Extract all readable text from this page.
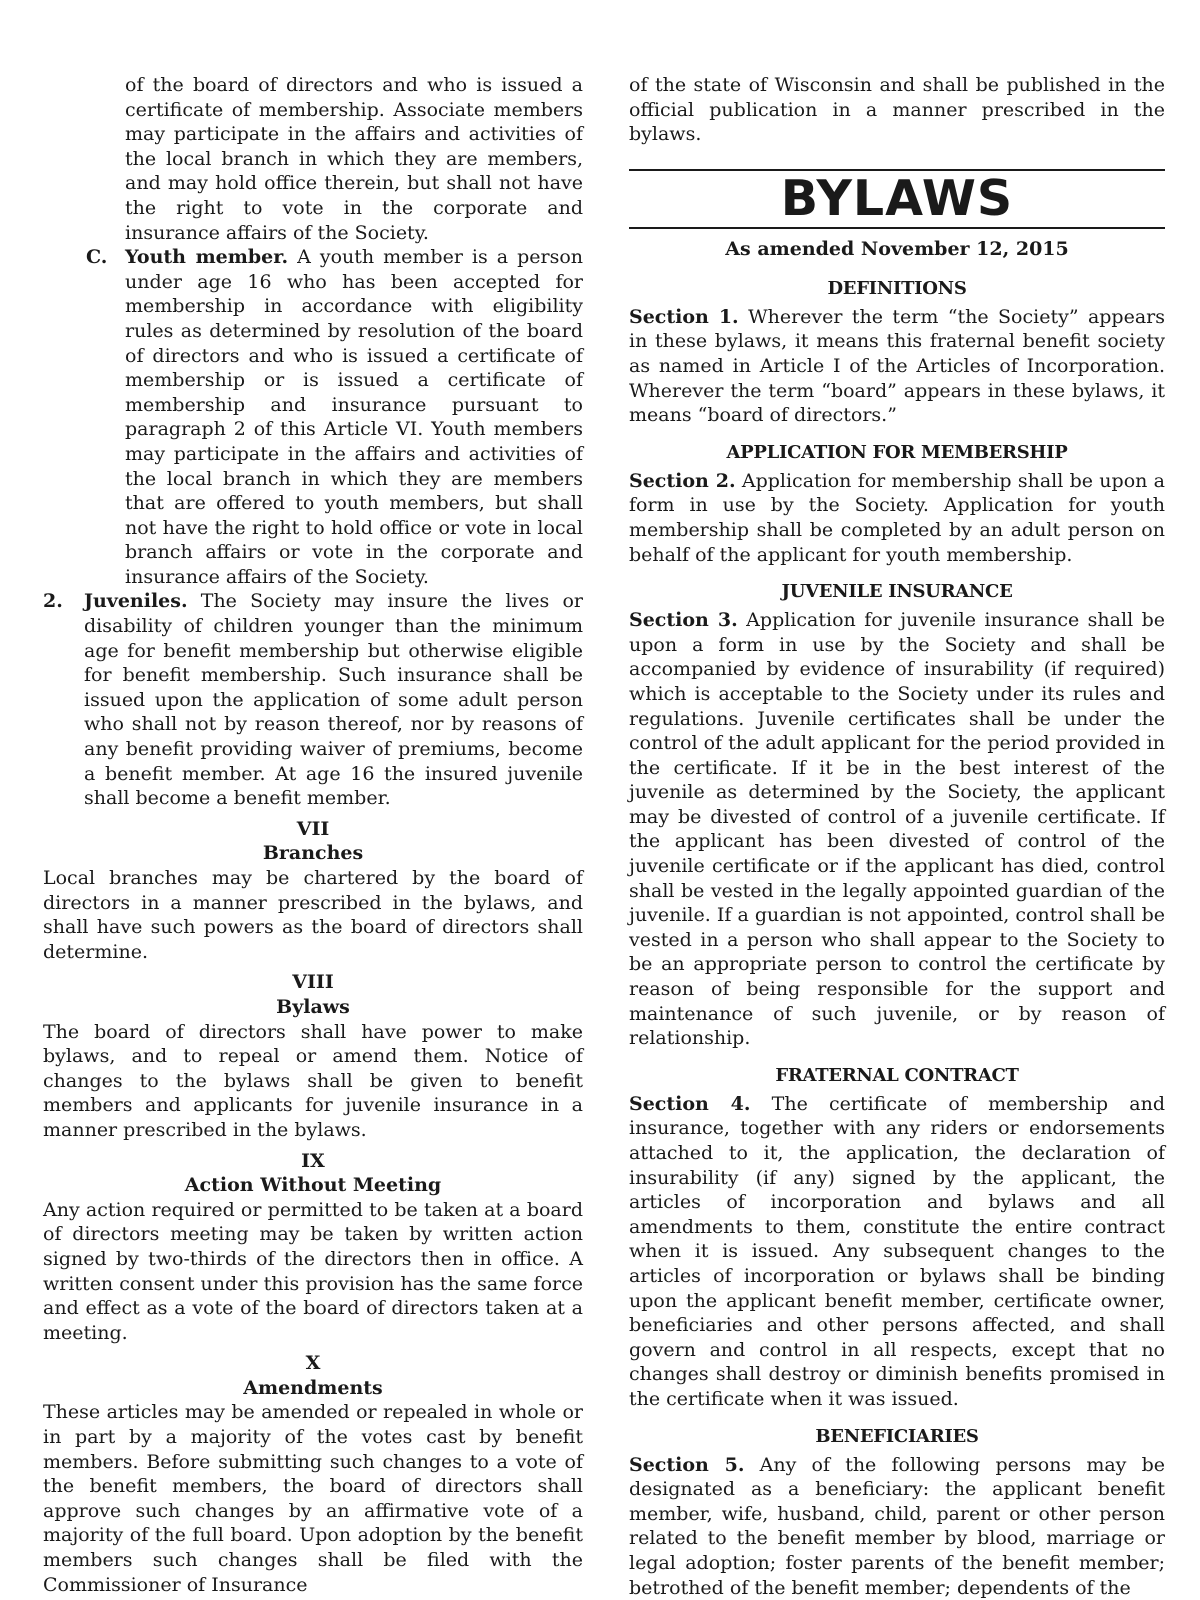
of the board of directors and who is issued a certificate of membership. Associate members may participate in the affairs and activities of the local branch in which they are members, and may hold office therein, but shall not have the right to vote in the corporate and insurance affairs of the Society.

C. Youth member. A youth member is a person under age 16 who has been accepted for membership in accordance with eligibility rules as determined by resolution of the board of directors and who is issued a certificate of membership or is issued a certificate of membership and insurance pursuant to paragraph 2 of this Article VI. Youth members may participate in the affairs and activities of the local branch in which they are members that are offered to youth members, but shall not have the right to hold office or vote in local branch affairs or vote in the corporate and insurance affairs of the Society.

2. Juveniles. The Society may insure the lives or disability of children younger than the minimum age for benefit membership but otherwise eligible for benefit membership. Such insurance shall be issued upon the application of some adult person who shall not by reason thereof, nor by reasons of any benefit providing waiver of premiums, become a benefit member. At age 16 the insured juvenile shall become a benefit member.

VII
Branches

Local branches may be chartered by the board of directors in a manner prescribed in the bylaws, and shall have such powers as the board of directors shall determine.

VIII
Bylaws

The board of directors shall have power to make bylaws, and to repeal or amend them. Notice of changes to the bylaws shall be given to benefit members and applicants for juvenile insurance in a manner prescribed in the bylaws.

IX
Action Without Meeting

Any action required or permitted to be taken at a board of directors meeting may be taken by written action signed by two-thirds of the directors then in office. A written consent under this provision has the same force and effect as a vote of the board of directors taken at a meeting.

X
Amendments

These articles may be amended or repealed in whole or in part by a majority of the votes cast by benefit members. Before submitting such changes to a vote of the benefit members, the board of directors shall approve such changes by an affirmative vote of a majority of the full board. Upon adoption by the benefit members such changes shall be filed with the Commissioner of Insurance

of the state of Wisconsin and shall be published in the official publication in a manner prescribed in the bylaws.

BYLAWS
As amended November 12, 2015
DEFINITIONS

Section 1. Wherever the term “the Society” appears in these bylaws, it means this fraternal benefit society as named in Article I of the Articles of Incorporation. Wherever the term “board” appears in these bylaws, it means “board of directors.”

APPLICATION FOR MEMBERSHIP

Section 2. Application for membership shall be upon a form in use by the Society. Application for youth membership shall be completed by an adult person on behalf of the applicant for youth membership.

JUVENILE INSURANCE

Section 3. Application for juvenile insurance shall be upon a form in use by the Society and shall be accompanied by evidence of insurability (if required) which is acceptable to the Society under its rules and regulations. Juvenile certificates shall be under the control of the adult applicant for the period provided in the certificate. If it be in the best interest of the juvenile as determined by the Society, the applicant may be divested of control of a juvenile certificate. If the applicant has been divested of control of the juvenile certificate or if the applicant has died, control shall be vested in the legally appointed guardian of the juvenile. If a guardian is not appointed, control shall be vested in a person who shall appear to the Society to be an appropriate person to control the certificate by reason of being responsible for the support and maintenance of such juvenile, or by reason of relationship.

FRATERNAL CONTRACT

Section 4. The certificate of membership and insurance, together with any riders or endorsements attached to it, the application, the declaration of insurability (if any) signed by the applicant, the articles of incorporation and bylaws and all amendments to them, constitute the entire contract when it is issued. Any subsequent changes to the articles of incorporation or bylaws shall be binding upon the applicant benefit member, certificate owner, beneficiaries and other persons affected, and shall govern and control in all respects, except that no changes shall destroy or diminish benefits promised in the certificate when it was issued.

BENEFICIARIES

Section 5. Any of the following persons may be designated as a beneficiary: the applicant benefit member, wife, husband, child, parent or other person related to the benefit member by blood, marriage or legal adoption; foster parents of the benefit member; betrothed of the benefit member; dependents of the
